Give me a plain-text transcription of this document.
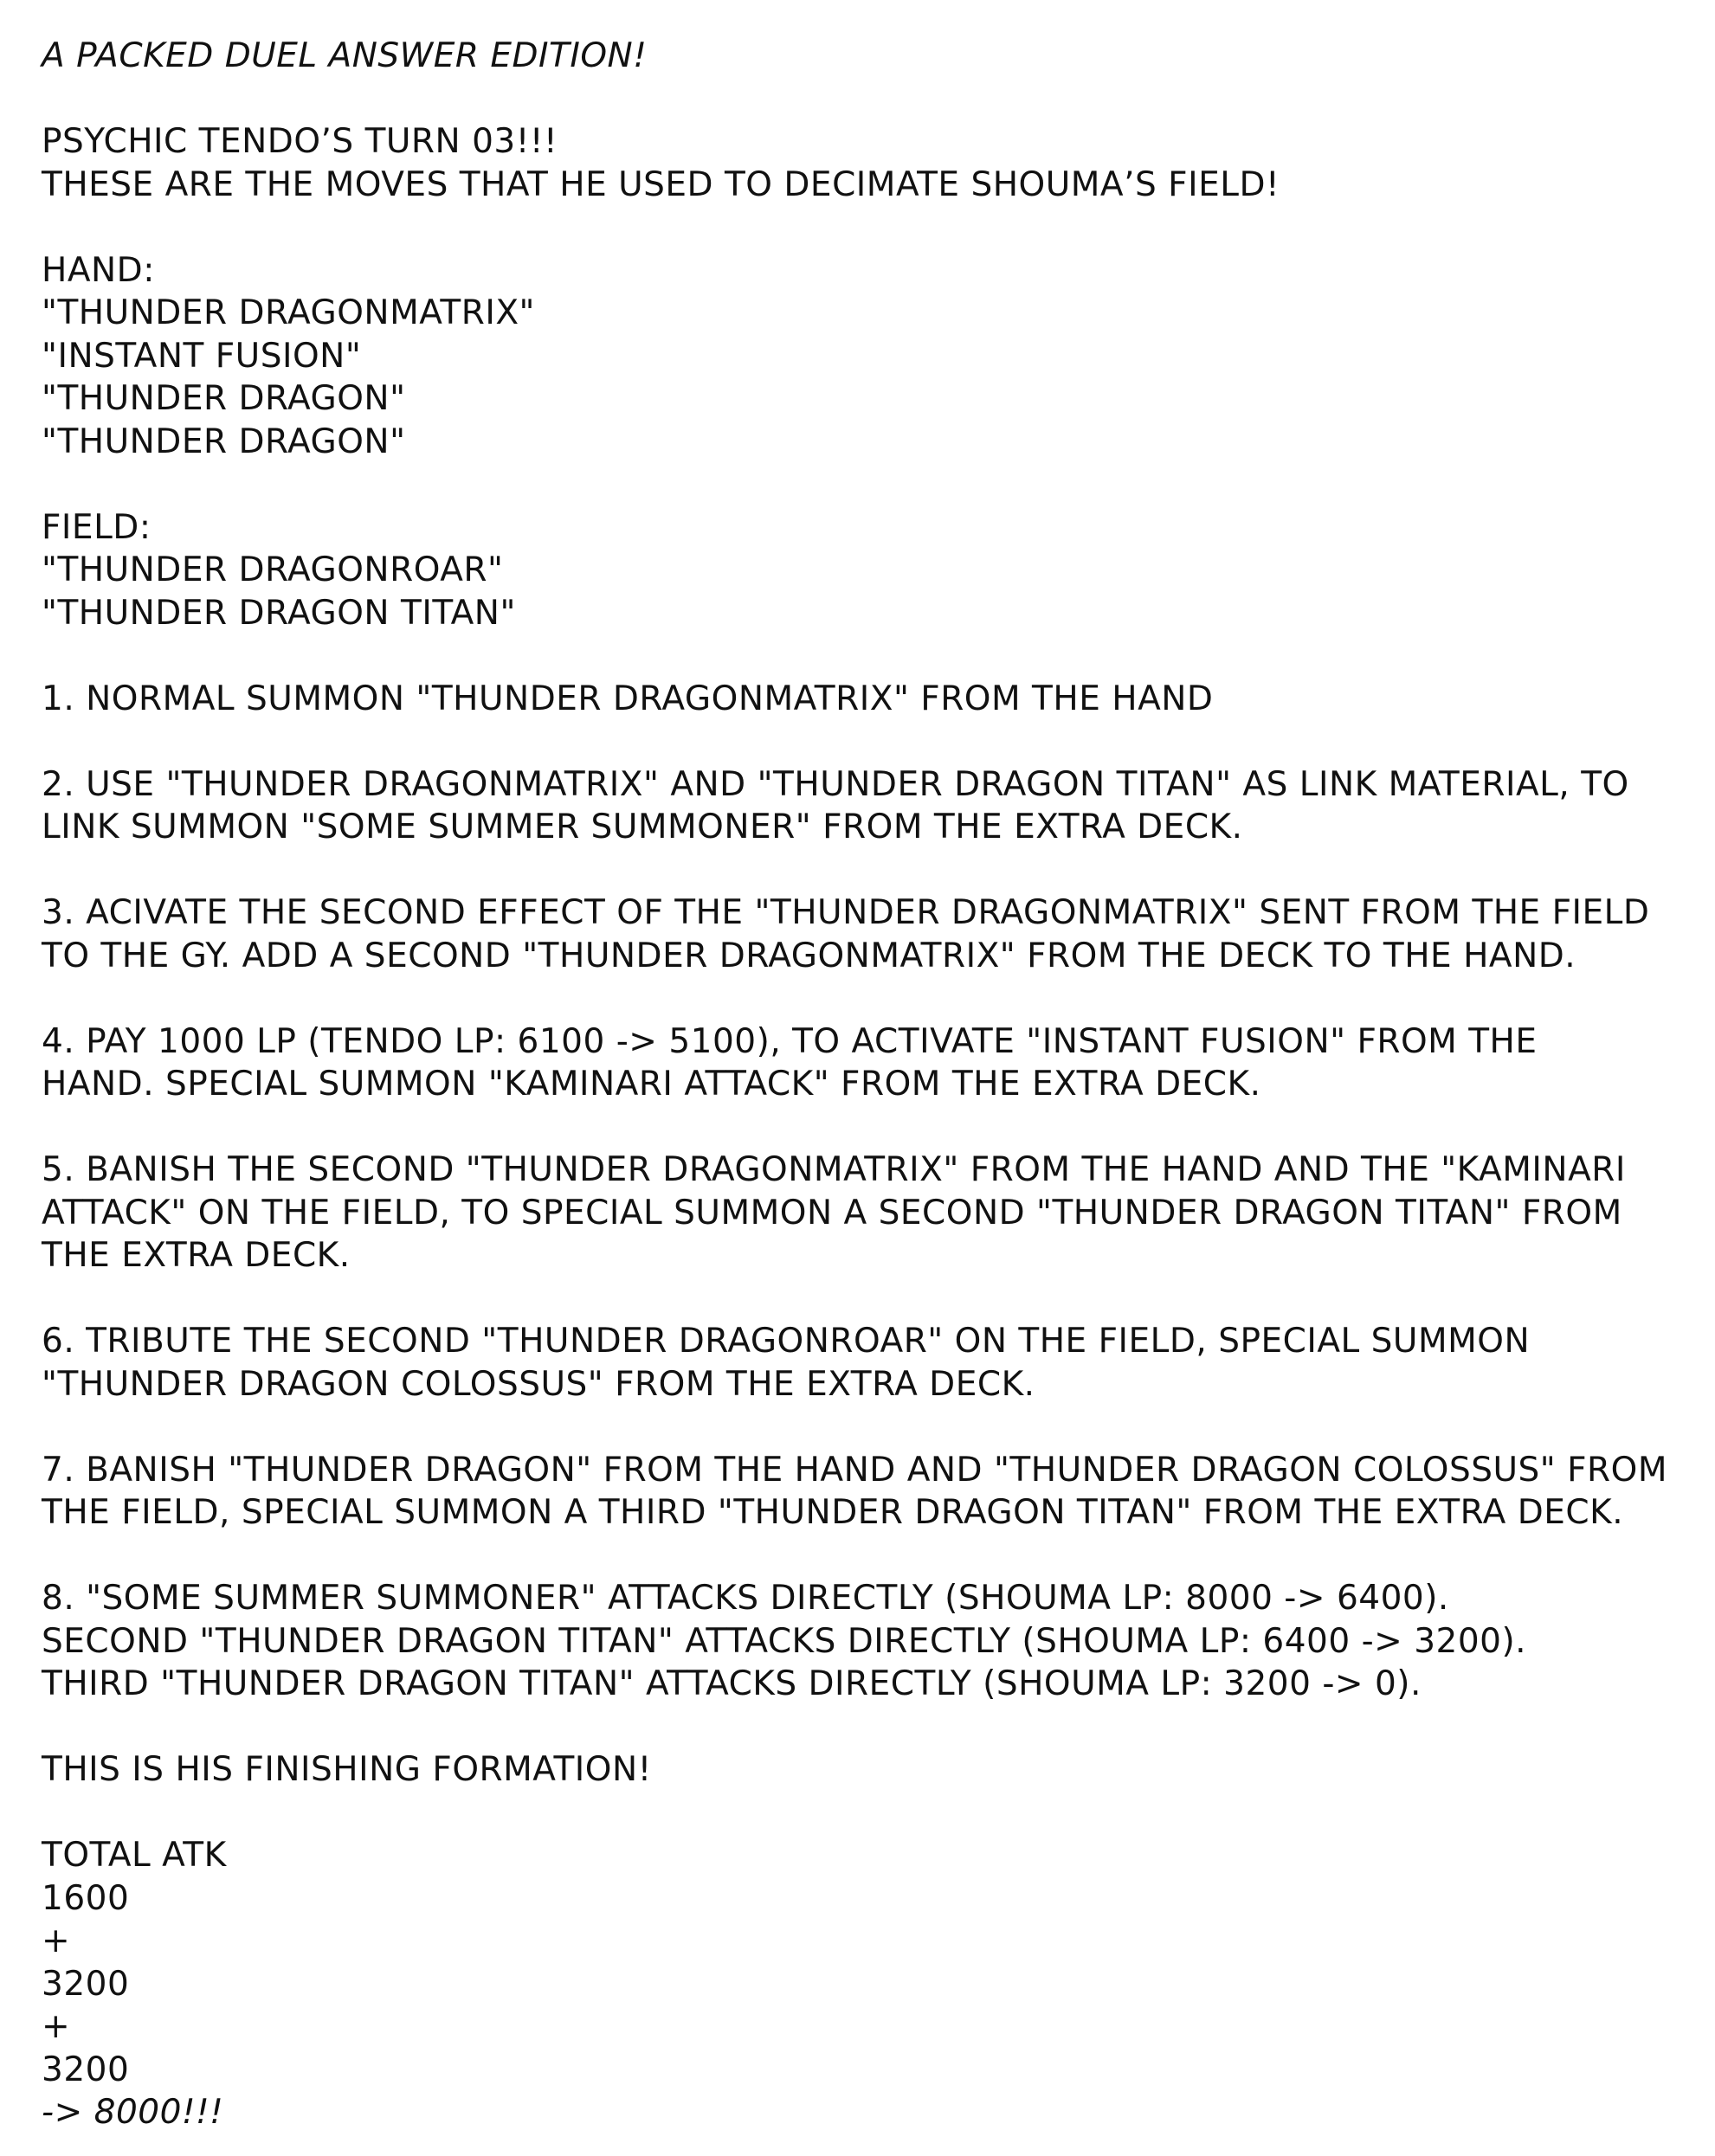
A PACKED DUEL ANSWER EDITION!
PSYCHIC TENDO’S TURN 03!!!
THESE ARE THE MOVES THAT HE USED TO DECIMATE SHOUMA’S FIELD!
HAND:
"THUNDER DRAGONMATRIX"
"INSTANT FUSION"
"THUNDER DRAGON"
"THUNDER DRAGON"
FIELD:
"THUNDER DRAGONROAR"
"THUNDER DRAGON TITAN"
1. NORMAL SUMMON "THUNDER DRAGONMATRIX" FROM THE HAND
2. USE "THUNDER DRAGONMATRIX" AND "THUNDER DRAGON TITAN" AS LINK MATERIAL, TO
LINK SUMMON "SOME SUMMER SUMMONER" FROM THE EXTRA DECK.
3. ACIVATE THE SECOND EFFECT OF THE "THUNDER DRAGONMATRIX" SENT FROM THE FIELD
TO THE GY. ADD A SECOND "THUNDER DRAGONMATRIX" FROM THE DECK TO THE HAND.
4. PAY 1000 LP (TENDO LP: 6100 -> 5100), TO ACTIVATE "INSTANT FUSION" FROM THE
HAND. SPECIAL SUMMON "KAMINARI ATTACK" FROM THE EXTRA DECK.
5. BANISH THE SECOND "THUNDER DRAGONMATRIX" FROM THE HAND AND THE "KAMINARI
ATTACK" ON THE FIELD, TO SPECIAL SUMMON A SECOND "THUNDER DRAGON TITAN" FROM
THE EXTRA DECK.
6. TRIBUTE THE SECOND "THUNDER DRAGONROAR" ON THE FIELD, SPECIAL SUMMON
"THUNDER DRAGON COLOSSUS" FROM THE EXTRA DECK.
7. BANISH "THUNDER DRAGON" FROM THE HAND AND "THUNDER DRAGON COLOSSUS" FROM
THE FIELD, SPECIAL SUMMON A THIRD "THUNDER DRAGON TITAN" FROM THE EXTRA DECK.
8. "SOME SUMMER SUMMONER" ATTACKS DIRECTLY (SHOUMA LP: 8000 -> 6400).
SECOND "THUNDER DRAGON TITAN" ATTACKS DIRECTLY (SHOUMA LP: 6400 -> 3200).
THIRD "THUNDER DRAGON TITAN" ATTACKS DIRECTLY (SHOUMA LP: 3200 -> 0).
THIS IS HIS FINISHING FORMATION!
TOTAL ATK
1600
+
3200
+
3200
-> 8000!!!
